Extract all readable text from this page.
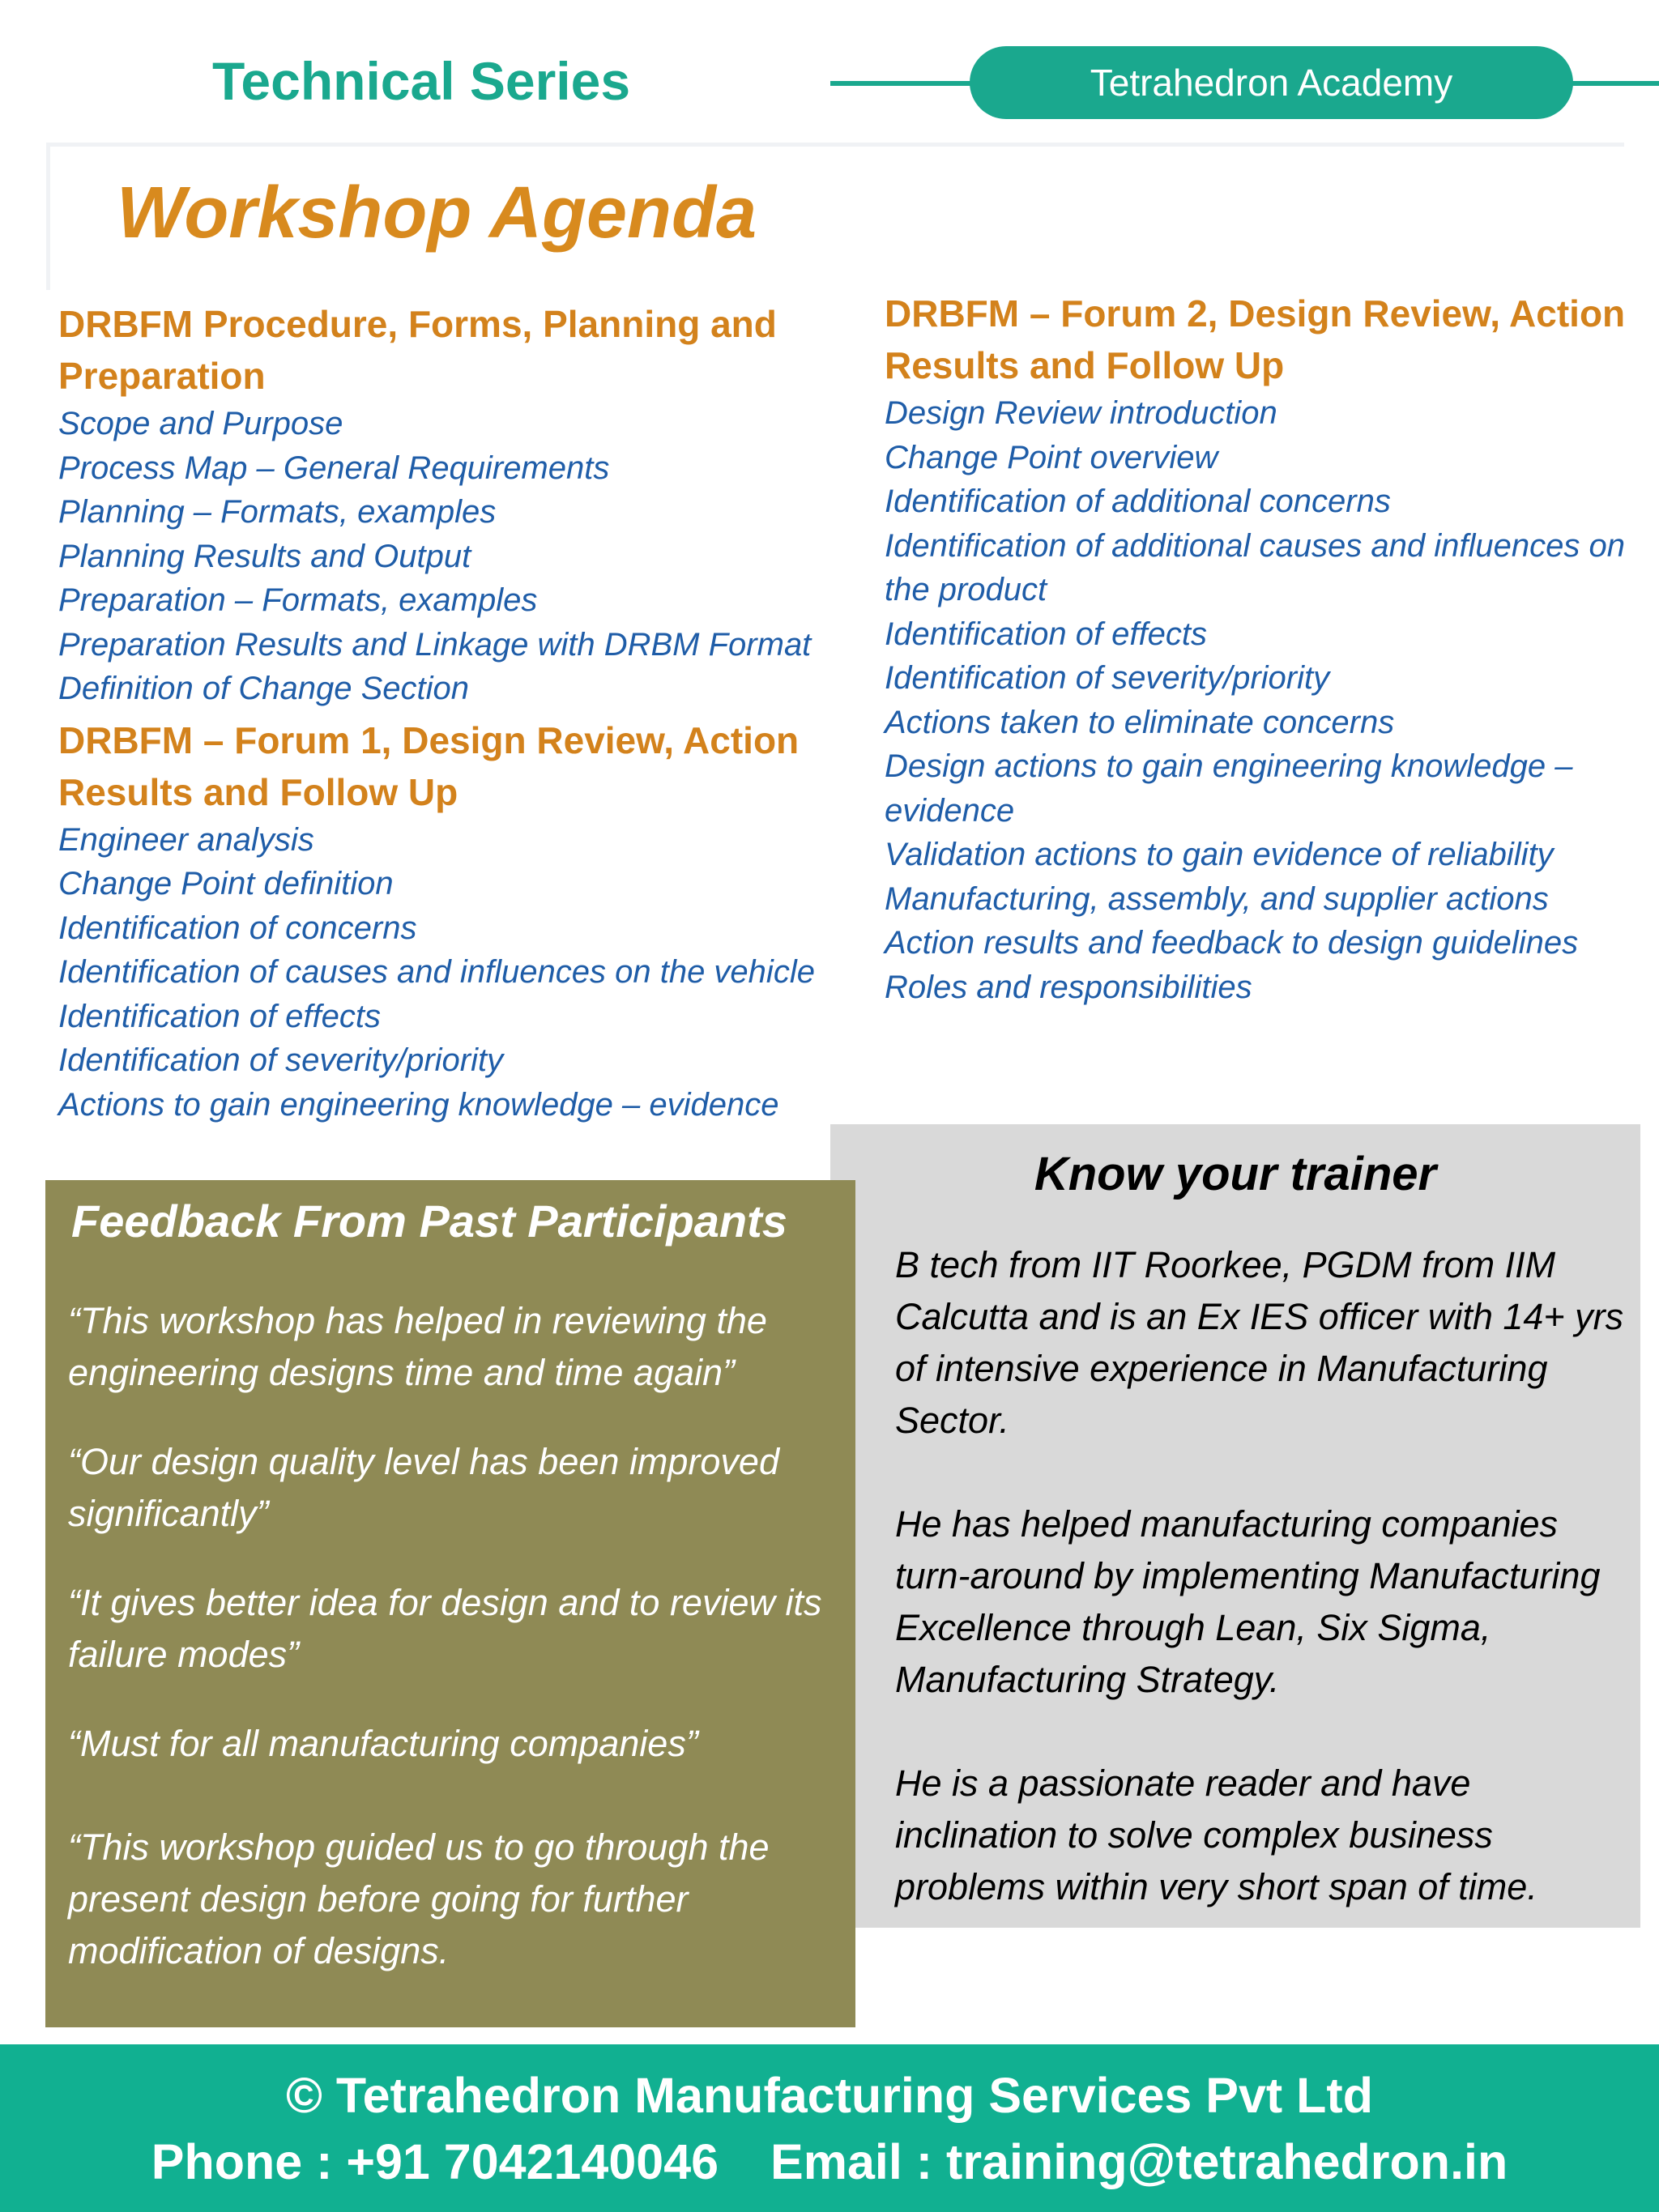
Technical Series	Tetrahedron Academy
Workshop Agenda
DRBFM Procedure, Forms, Planning and Preparation
Scope and Purpose
Process Map – General Requirements
Planning – Formats, examples
Planning Results and Output
Preparation – Formats, examples
Preparation Results and Linkage with DRBM Format
Definition of Change Section
DRBFM – Forum 1, Design Review, Action Results and Follow Up
Engineer analysis
Change Point definition
Identification of concerns
Identification of causes and influences on the vehicle
Identification of effects
Identification of severity/priority
Actions to gain engineering knowledge – evidence
DRBFM – Forum 2, Design Review, Action Results and Follow Up
Design Review introduction
Change Point overview
Identification of additional concerns
Identification of additional causes and influences on the product
Identification of effects
Identification of severity/priority
Actions taken to eliminate concerns
Design actions to gain engineering knowledge – evidence
Validation actions to gain evidence of reliability
Manufacturing, assembly, and supplier actions
Action results and feedback to design guidelines
Roles and responsibilities
Know your trainer

B tech from IIT Roorkee, PGDM from IIM Calcutta and is an Ex IES officer with 14+ yrs of intensive experience in Manufacturing Sector.

He has helped manufacturing companies turn-around by implementing Manufacturing Excellence through Lean, Six Sigma, Manufacturing Strategy.

He is a passionate reader and have inclination to solve complex business problems within very short span of time.

Feedback From Past Participants
“This workshop has helped in reviewing the engineering designs time and time again”
“Our design quality level has been improved significantly”
“It gives better idea for design and to review its failure modes”
“Must for all manufacturing companies”
“This workshop guided us to go through the present design before going for further modification of designs.
© Tetrahedron Manufacturing Services Pvt Ltd
Phone : +91 7042140046 Email : training@tetrahedron.in
